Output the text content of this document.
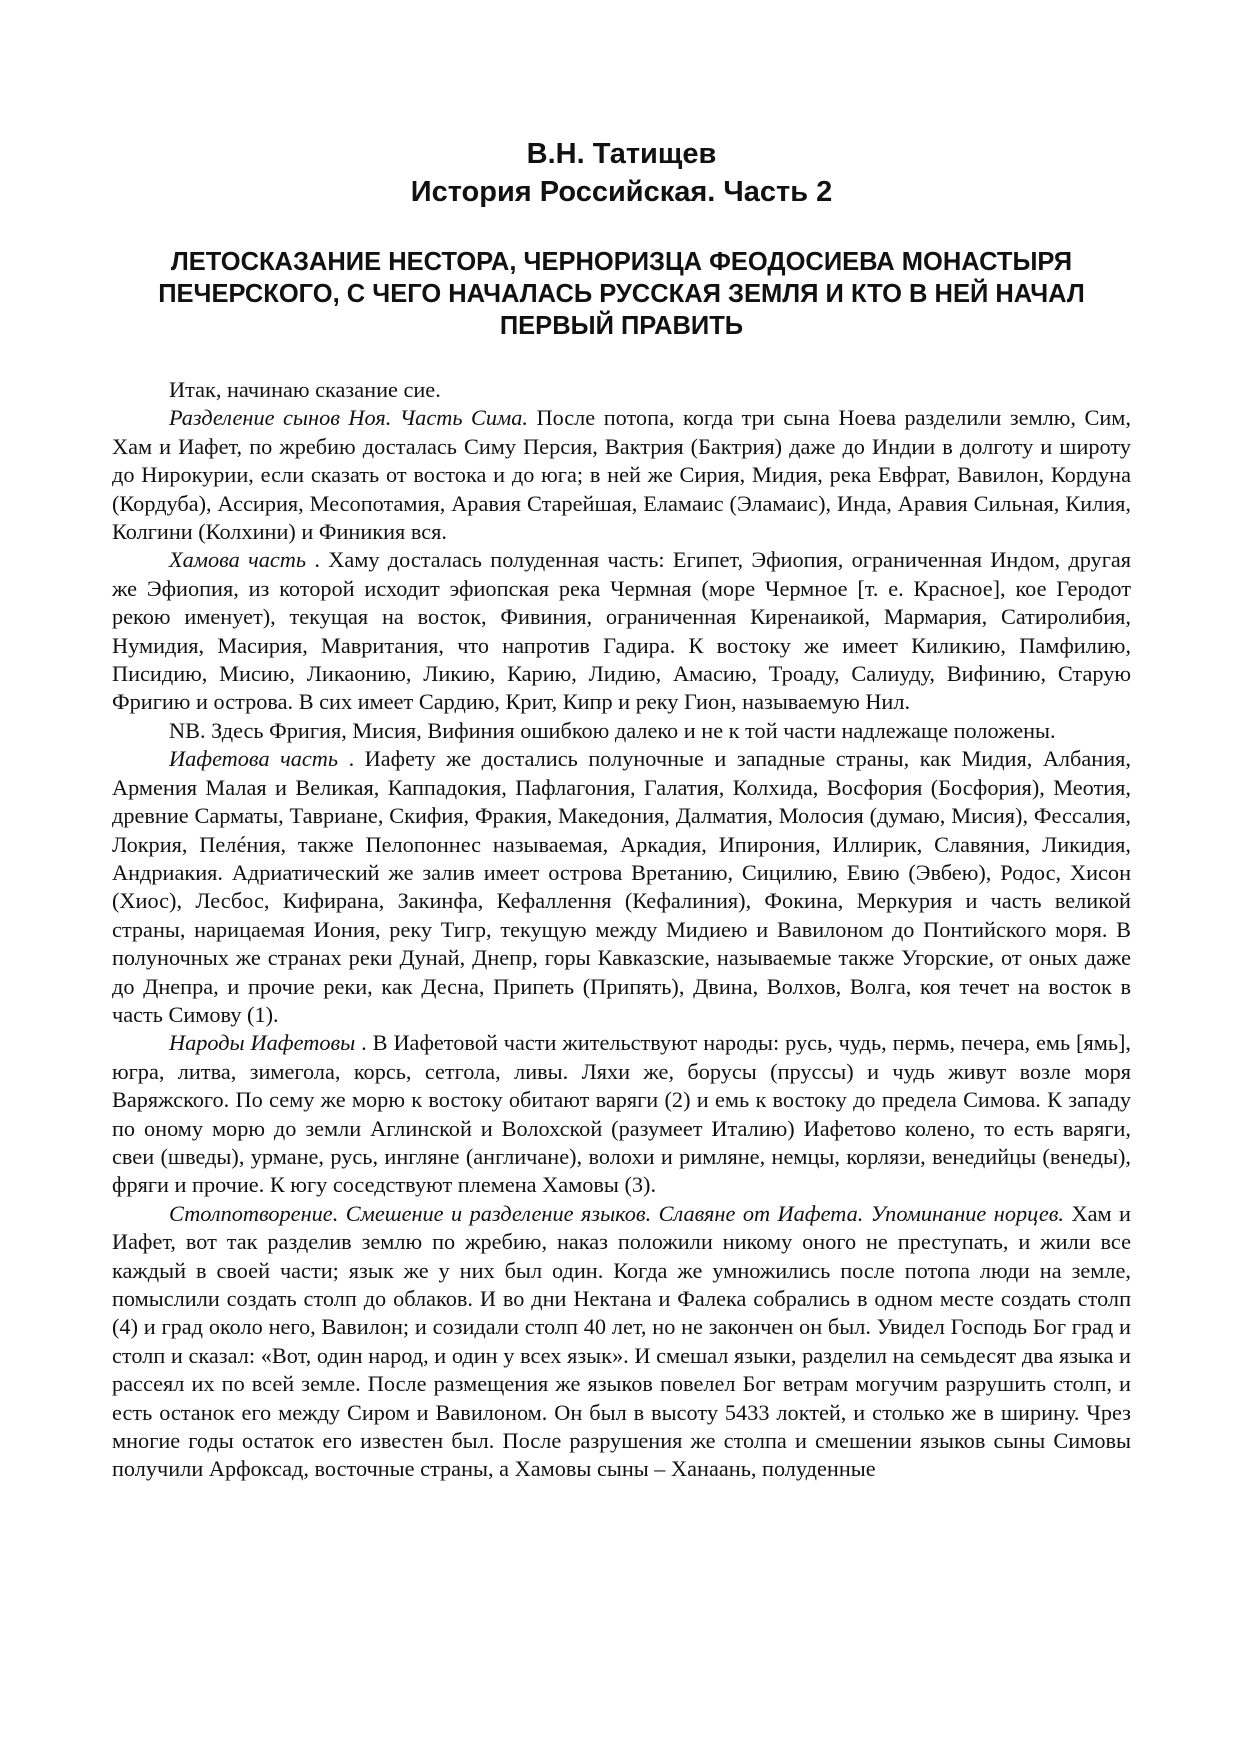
В.Н. Татищев
История Российская. Часть 2
ЛЕТОСКАЗАНИЕ НЕСТОРА, ЧЕРНОРИЗЦА ФЕОДОСИЕВА МОНАСТЫРЯ ПЕЧЕРСКОГО, С ЧЕГО НАЧАЛАСЬ РУССКАЯ ЗЕМЛЯ И КТО В НЕЙ НАЧАЛ ПЕРВЫЙ ПРАВИТЬ

Итак, начинаю сказание сие.

Разделение сынов Ноя. Часть Сима. После потопа, когда три сына Ноева разделили землю, Сим, Хам и Иафет, по жребию досталась Симу Персия, Вактрия (Бактрия) даже до Индии в долготу и широту до Нирокурии, если сказать от востока и до юга; в ней же Сирия, Мидия, река Евфрат, Вавилон, Кордуна (Кордуба), Ассирия, Месопотамия, Аравия Старейшая, Еламаис (Эламаис), Инда, Аравия Сильная, Килия, Колгини (Колхини) и Финикия вся.

Хамова часть . Хаму досталась полуденная часть: Египет, Эфиопия, ограниченная Индом, другая же Эфиопия, из которой исходит эфиопская река Чермная (море Чермное [т. е. Красное], кое Геродот рекою именует), текущая на восток, Фивиния, ограниченная Киренаикой, Мармария, Сатиролибия, Нумидия, Масирия, Мавритания, что напротив Гадира. К востоку же имеет Киликию, Памфилию, Писидию, Мисию, Ликаонию, Ликию, Карию, Лидию, Амасию, Троаду, Салиуду, Вифинию, Старую Фригию и острова. В сих имеет Сардию, Крит, Кипр и реку Гион, называемую Нил.

NB. Здесь Фригия, Мисия, Вифиния ошибкою далеко и не к той части надлежаще положены.

Иафетова часть . Иафету же достались полуночные и западные страны, как Мидия, Албания, Армения Малая и Великая, Каппадокия, Пафлагония, Галатия, Колхида, Восфория (Босфория), Меотия, древние Сарматы, Тавриане, Скифия, Фракия, Македония, Далматия, Молосия (думаю, Мисия), Фессалия, Локрия, Пелéния, также Пелопоннес называемая, Аркадия, Ипирония, Иллирик, Славяния, Ликидия, Андриакия. Адриатический же залив имеет острова Вретанию, Сицилию, Евию (Эвбею), Родос, Хисон (Хиос), Лесбос, Кифирана, Закинфа, Кефаллення (Кефалиния), Фокина, Меркурия и часть великой страны, нарицаемая Иония, реку Тигр, текущую между Мидиею и Вавилоном до Понтийского моря. В полуночных же странах реки Дунай, Днепр, горы Кавказские, называемые также Угорские, от оных даже до Днепра, и прочие реки, как Десна, Припеть (Припять), Двина, Волхов, Волга, коя течет на восток в часть Симову (1).

Народы Иафетовы . В Иафетовой части жительствуют народы: русь, чудь, пермь, печера, емь [ямь], югра, литва, зимегола, корсь, сетгола, ливы. Ляхи же, борусы (пруссы) и чудь живут возле моря Варяжского. По сему же морю к востоку обитают варяги (2) и емь к востоку до предела Симова. К западу по оному морю до земли Аглинской и Волохской (разумеет Италию) Иафетово колено, то есть варяги, свеи (шведы), урмане, русь, ингляне (англичане), волохи и римляне, немцы, корлязи, венедийцы (венеды), фряги и прочие. К югу соседствуют племена Хамовы (3).

Столпотворение. Смешение и разделение языков. Славяне от Иафета. Упоминание норцев. Хам и Иафет, вот так разделив землю по жребию, наказ положили никому оного не преступать, и жили все каждый в своей части; язык же у них был один. Когда же умножились после потопа люди на земле, помыслили создать столп до облаков. И во дни Нектана и Фалека собрались в одном месте создать столп (4) и град около него, Вавилон; и созидали столп 40 лет, но не закончен он был. Увидел Господь Бог град и столп и сказал: «Вот, один народ, и один у всех язык». И смешал языки, разделил на семьдесят два языка и рассеял их по всей земле. После размещения же языков повелел Бог ветрам могучим разрушить столп, и есть останок его между Сиром и Вавилоном. Он был в высоту 5433 локтей, и столько же в ширину. Чрез многие годы остаток его известен был. После разрушения же столпа и смешении языков сыны Симовы получили Арфоксад, восточные страны, а Хамовы сыны – Ханаань, полуденные
